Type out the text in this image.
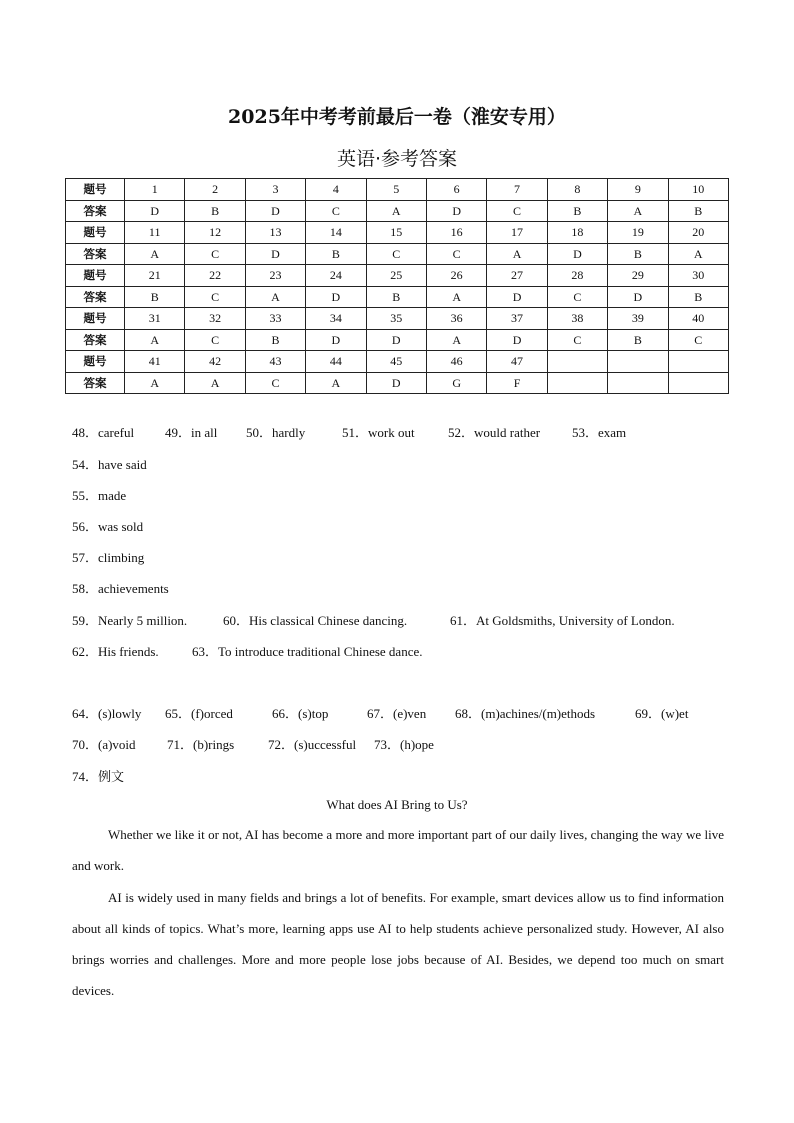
2025年中考考前最后一卷（淮安专用）
英语·参考答案
题号	1	2	3	4	5	6	7	8	9	10
答案	D	B	D	C	A	D	C	B	A	B
题号	11	12	13	14	15	16	17	18	19	20
答案	A	C	D	B	C	C	A	D	B	A
题号	21	22	23	24	25	26	27	28	29	30
答案	B	C	A	D	B	A	D	C	D	B
题号	31	32	33	34	35	36	37	38	39	40
答案	A	C	B	D	D	A	D	C	B	C
题号	41	42	43	44	45	46	47			
答案	A	A	C	A	D	G	F			
48．careful 49．in all 50．hardly	51．work out	52．would rather 53．exam
54．have said
55．made
56．was sold
57．climbing
58．achievements
59．Nearly 5 million.	60．His classical Chinese dancing.	61．At Goldsmiths, University of London.
62．His friends.	63．To introduce traditional Chinese dance.
64．(s)lowly 65．(f)orced	66．(s)top	67．(e)ven 68．(m)achines/(m)ethods	69．(w)et
70．(a)void 71．(b)rings	72．(s)uccessful 73．(h)ope
74．例文
What does AI Bring to Us?
Whether we like it or not, AI has become a more and more important part of our daily lives, changing the way we live and work.
AI is widely used in many fields and brings a lot of benefits. For example, smart devices allow us to find information about all kinds of topics. What’s more, learning apps use AI to help students achieve personalized study. However, AI also brings worries and challenges. More and more people lose jobs because of AI. Besides, we depend too much on smart devices.
